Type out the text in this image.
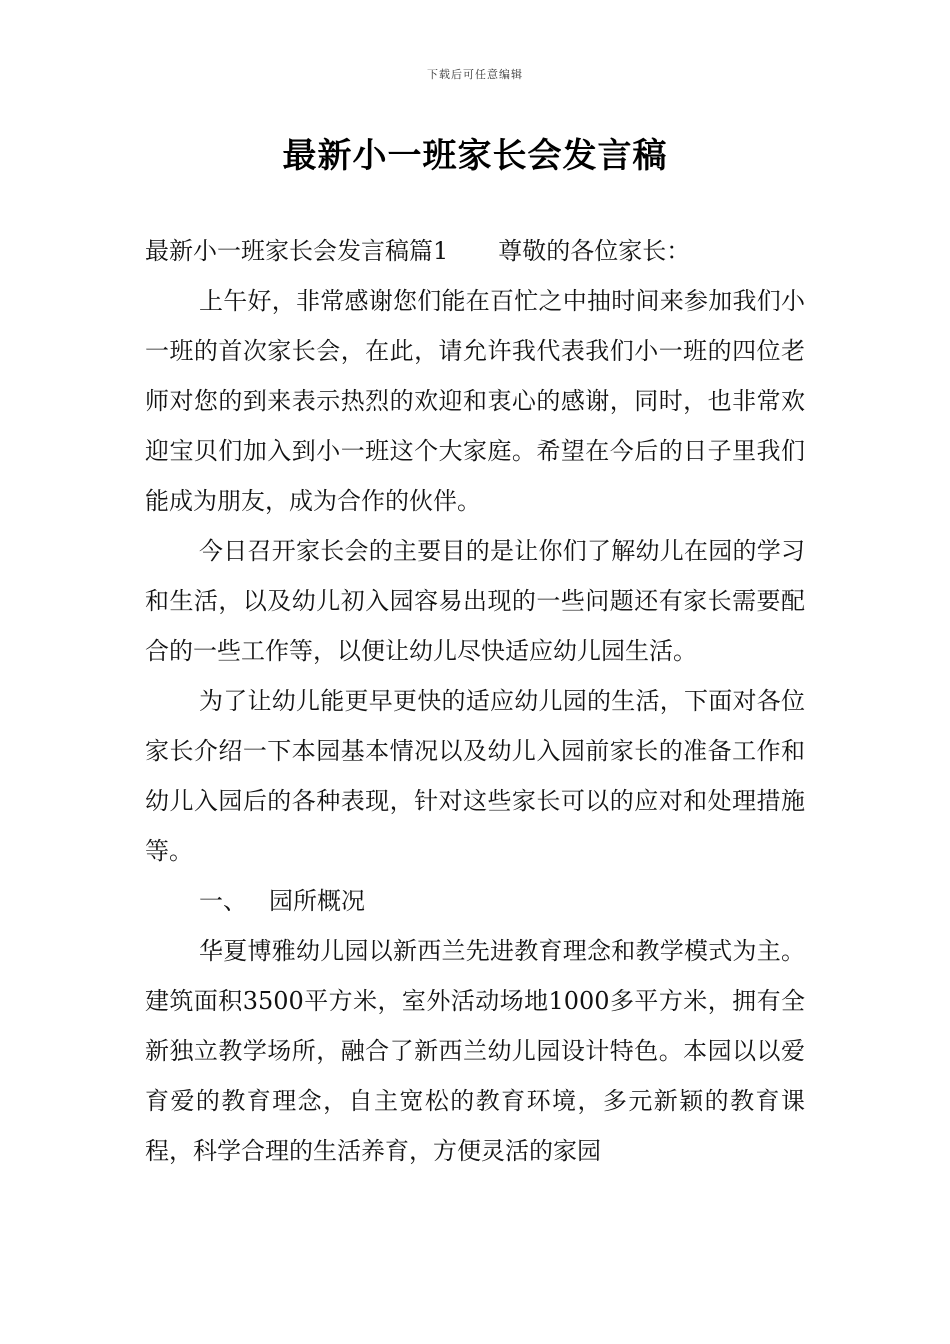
下载后可任意编辑
最新小一班家长会发言稿

最新小一班家长会发言稿篇1 尊敬的各位家长：

上午好，非常感谢您们能在百忙之中抽时间来参加我们小一班的首次家长会，在此，请允许我代表我们小一班的四位老师对您的到来表示热烈的欢迎和衷心的感谢，同时，也非常欢迎宝贝们加入到小一班这个大家庭。希望在今后的日子里我们能成为朋友，成为合作的伙伴。

今日召开家长会的主要目的是让你们了解幼儿在园的学习和生活，以及幼儿初入园容易出现的一些问题还有家长需要配合的一些工作等，以便让幼儿尽快适应幼儿园生活。

为了让幼儿能更早更快的适应幼儿园的生活，下面对各位家长介绍一下本园基本情况以及幼儿入园前家长的准备工作和幼儿入园后的各种表现，针对这些家长可以的应对和处理措施等。

一、 园所概况

华夏博雅幼儿园以新西兰先进教育理念和教学模式为主。建筑面积3500平方米，室外活动场地1000多平方米，拥有全新独立教学场所，融合了新西兰幼儿园设计特色。本园以以爱育爱的教育理念，自主宽松的教育环境，多元新颖的教育课程，科学合理的生活养育，方便灵活的家园
